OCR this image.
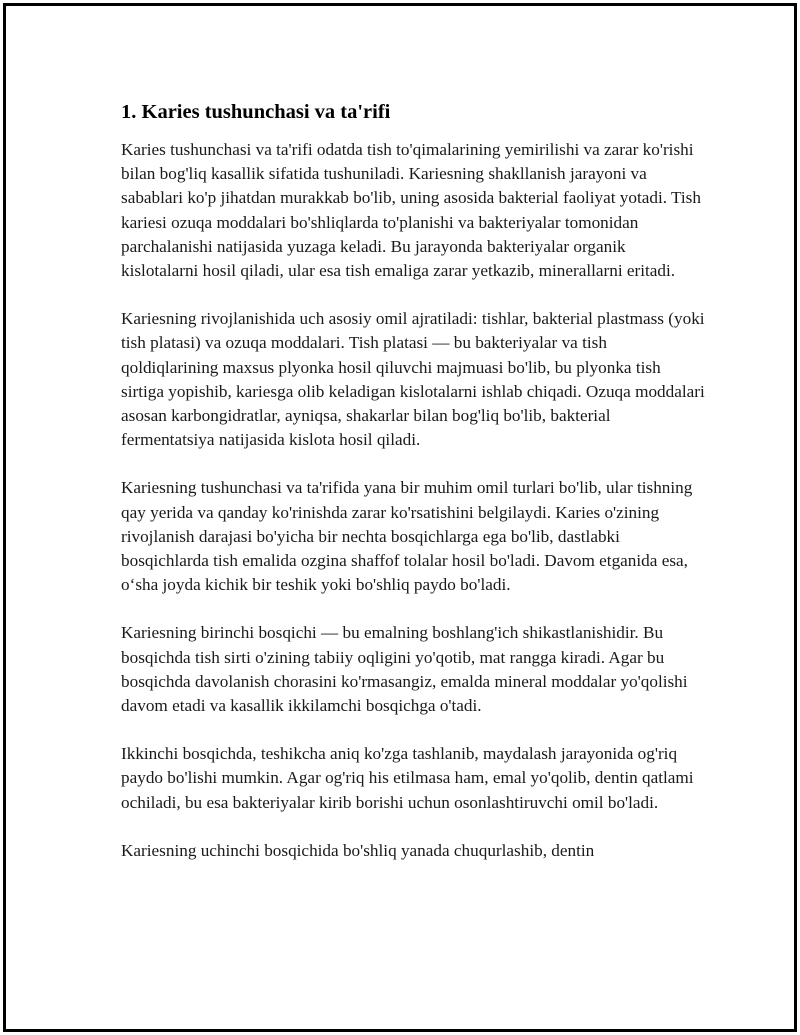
1. Karies tushunchasi va ta'rifi

Karies tushunchasi va ta'rifi odatda tish to'qimalarining yemirilishi va zarar ko'rishi bilan bog'liq kasallik sifatida tushuniladi. Kariesning shakllanish jarayoni va sabablari ko'p jihatdan murakkab bo'lib, uning asosida bakterial faoliyat yotadi. Tish kariesi ozuqa moddalari bo'shliqlarda to'planishi va bakteriyalar tomonidan parchalanishi natijasida yuzaga keladi. Bu jarayonda bakteriyalar organik kislotalarni hosil qiladi, ular esa tish emaliga zarar yetkazib, minerallarni eritadi.

Kariesning rivojlanishida uch asosiy omil ajratiladi: tishlar, bakterial plastmass (yoki tish platasi) va ozuqa moddalari. Tish platasi — bu bakteriyalar va tish qoldiqlarining maxsus plyonka hosil qiluvchi majmuasi bo'lib, bu plyonka tish sirtiga yopishib, kariesga olib keladigan kislotalarni ishlab chiqadi. Ozuqa moddalari asosan karbongidratlar, ayniqsa, shakarlar bilan bog'liq bo'lib, bakterial fermentatsiya natijasida kislota hosil qiladi.

Kariesning tushunchasi va ta'rifida yana bir muhim omil turlari bo'lib, ular tishning qay yerida va qanday ko'rinishda zarar ko'rsatishini belgilaydi. Karies o'zining rivojlanish darajasi bo'yicha bir nechta bosqichlarga ega bo'lib, dastlabki bosqichlarda tish emalida ozgina shaffof tolalar hosil bo'ladi. Davom etganida esa, o‘sha joyda kichik bir teshik yoki bo'shliq paydo bo'ladi.

Kariesning birinchi bosqichi — bu emalning boshlang'ich shikastlanishidir. Bu bosqichda tish sirti o'zining tabiiy oqligini yo'qotib, mat rangga kiradi. Agar bu bosqichda davolanish chorasini ko'rmasangiz, emalda mineral moddalar yo'qolishi davom etadi va kasallik ikkilamchi bosqichga o'tadi.

Ikkinchi bosqichda, teshikcha aniq ko'zga tashlanib, maydalash jarayonida og'riq paydo bo'lishi mumkin. Agar og'riq his etilmasa ham, emal yo'qolib, dentin qatlami ochiladi, bu esa bakteriyalar kirib borishi uchun osonlashtiruvchi omil bo'ladi.

Kariesning uchinchi bosqichida bo'shliq yanada chuqurlashib, dentin
